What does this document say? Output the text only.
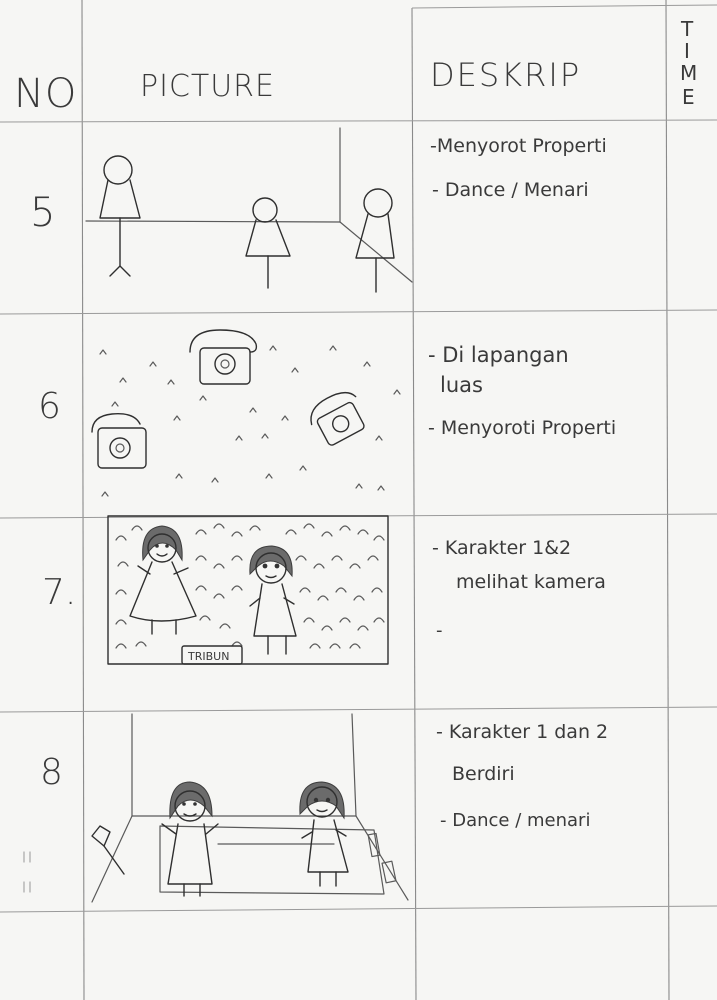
NO PICTURE	DESKRIP
T
I
M
E
5
-Menyorot Properti
- Dance / Menari
6
- Di lapangan
luas
- Menyoroti Properti
7.
TRIBUN
- Karakter 1&2
melihat kamera
-
8
- Karakter 1 dan 2
Berdiri
- Dance / menari
